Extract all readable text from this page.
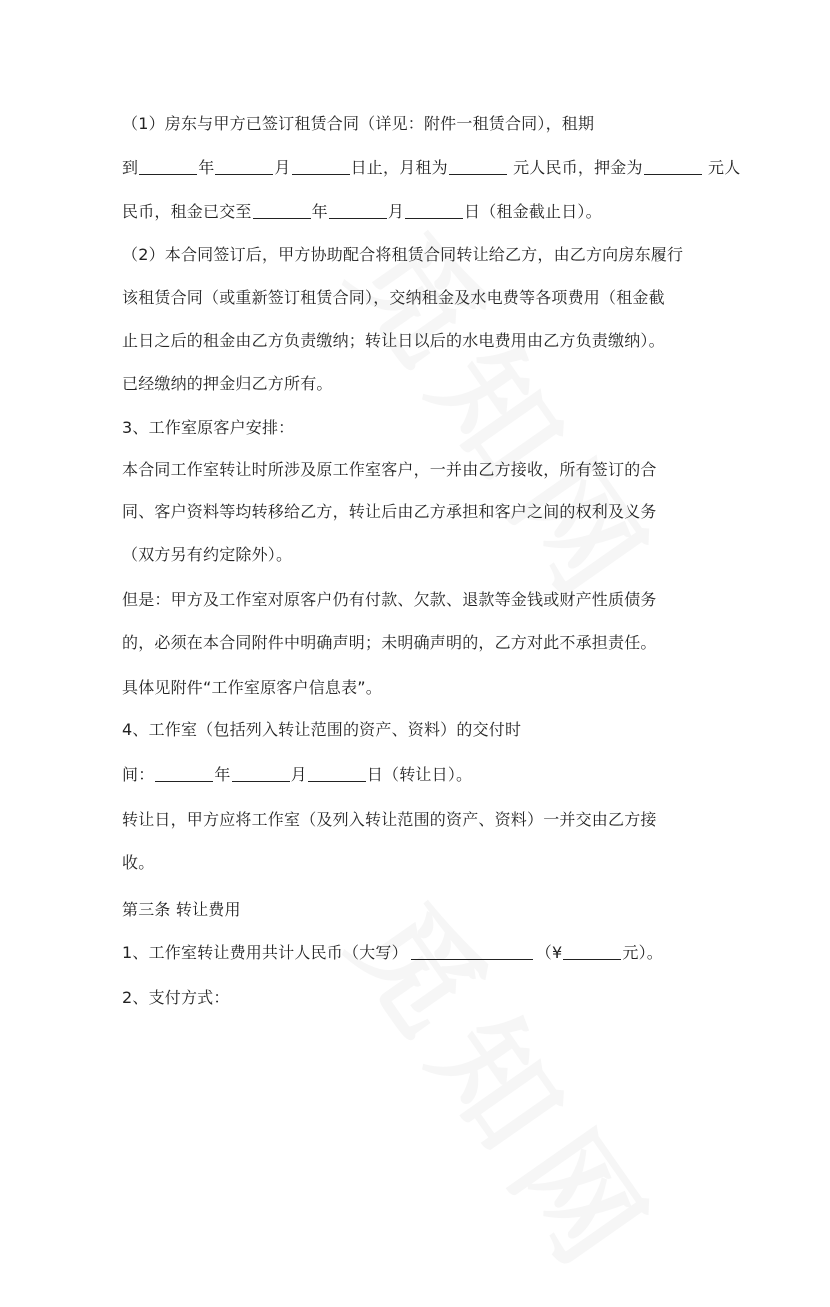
（1）房东与甲方已签订租赁合同（详见：附件一租赁合同），租期
到	年	月	日止，月租为	元人民币，押金为	元人
民币，租金已交至	年	月	日（租金截止日）。
（2）本合同签订后，甲方协助配合将租赁合同转让给乙方，由乙方向房东履行
该租赁合同（或重新签订租赁合同），交纳租金及水电费等各项费用（租金截
止日之后的租金由乙方负责缴纳；转让日以后的水电费用由乙方负责缴纳）。
已经缴纳的押金归乙方所有。
3、工作室原客户安排：
本合同工作室转让时所涉及原工作室客户，一并由乙方接收，所有签订的合
同、客户资料等均转移给乙方，转让后由乙方承担和客户之间的权利及义务
（双方另有约定除外）。
但是：甲方及工作室对原客户仍有付款、欠款、退款等金钱或财产性质债务
的，必须在本合同附件中明确声明；未明确声明的，乙方对此不承担责任。
具体见附件“工作室原客户信息表”。
4、工作室（包括列入转让范围的资产、资料）的交付时
间：	年	月	日（转让日）。
转让日，甲方应将工作室（及列入转让范围的资产、资料）一并交由乙方接
收。
第三条 转让费用
1、工作室转让费用共计人民币（大写）	（¥	元）。
2、支付方式：
